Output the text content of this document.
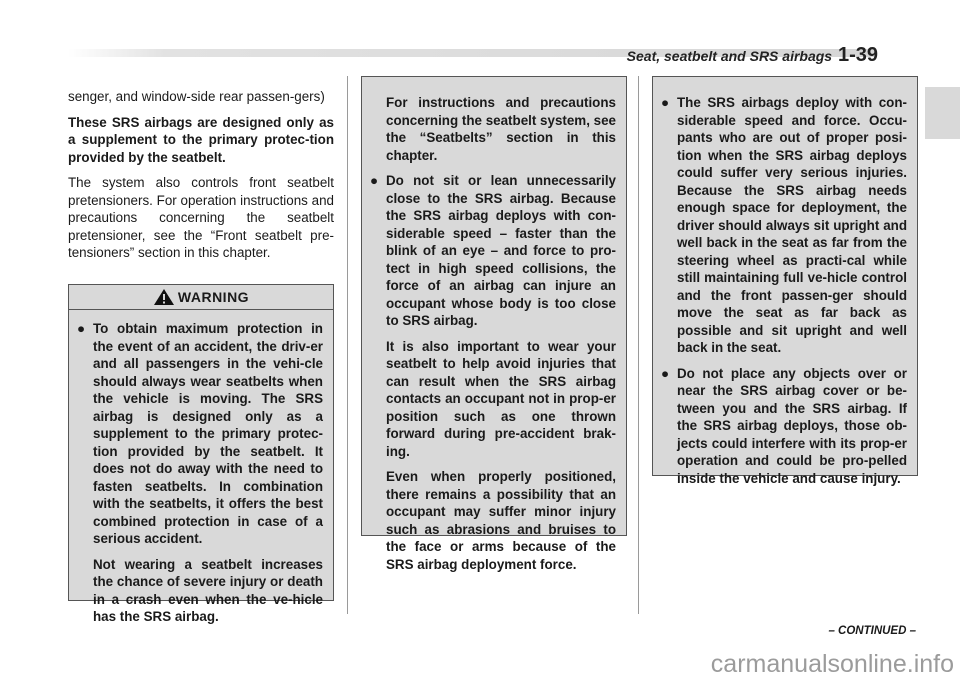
Seat, seatbelt and SRS airbags 1-39

senger, and window-side rear passen-gers)

These SRS airbags are designed only as a supplement to the primary protec-tion provided by the seatbelt.

The system also controls front seatbelt pretensioners. For operation instructions and precautions concerning the seatbelt pretensioner, see the “Front seatbelt pre-tensioners” section in this chapter.

WARNING
● To obtain maximum protection in the event of an accident, the driv-er and all passengers in the vehi-cle should always wear seatbelts when the vehicle is moving. The SRS airbag is designed only as a supplement to the primary protec-tion provided by the seatbelt. It does not do away with the need to fasten seatbelts. In combination with the seatbelts, it offers the best combined protection in case of a serious accident.

Not wearing a seatbelt increases the chance of severe injury or death in a crash even when the ve-hicle has the SRS airbag.

For instructions and precautions concerning the seatbelt system, see the “Seatbelts” section in this chapter.

● Do not sit or lean unnecessarily close to the SRS airbag. Because the SRS airbag deploys with con-siderable speed – faster than the blink of an eye – and force to pro-tect in high speed collisions, the force of an airbag can injure an occupant whose body is too close to SRS airbag.

It is also important to wear your seatbelt to help avoid injuries that can result when the SRS airbag contacts an occupant not in prop-er position such as one thrown forward during pre-accident brak-ing.

Even when properly positioned, there remains a possibility that an occupant may suffer minor injury such as abrasions and bruises to the face or arms because of the SRS airbag deployment force.

● The SRS airbags deploy with con-siderable speed and force. Occu-pants who are out of proper posi-tion when the SRS airbag deploys could suffer very serious injuries. Because the SRS airbag needs enough space for deployment, the driver should always sit upright and well back in the seat as far from the steering wheel as practi-cal while still maintaining full ve-hicle control and the front passen-ger should move the seat as far back as possible and sit upright and well back in the seat.
● Do not place any objects over or near the SRS airbag cover or be-tween you and the SRS airbag. If the SRS airbag deploys, those ob-jects could interfere with its prop-er operation and could be pro-pelled inside the vehicle and cause injury.
– CONTINUED –
carmanualsonline.info
